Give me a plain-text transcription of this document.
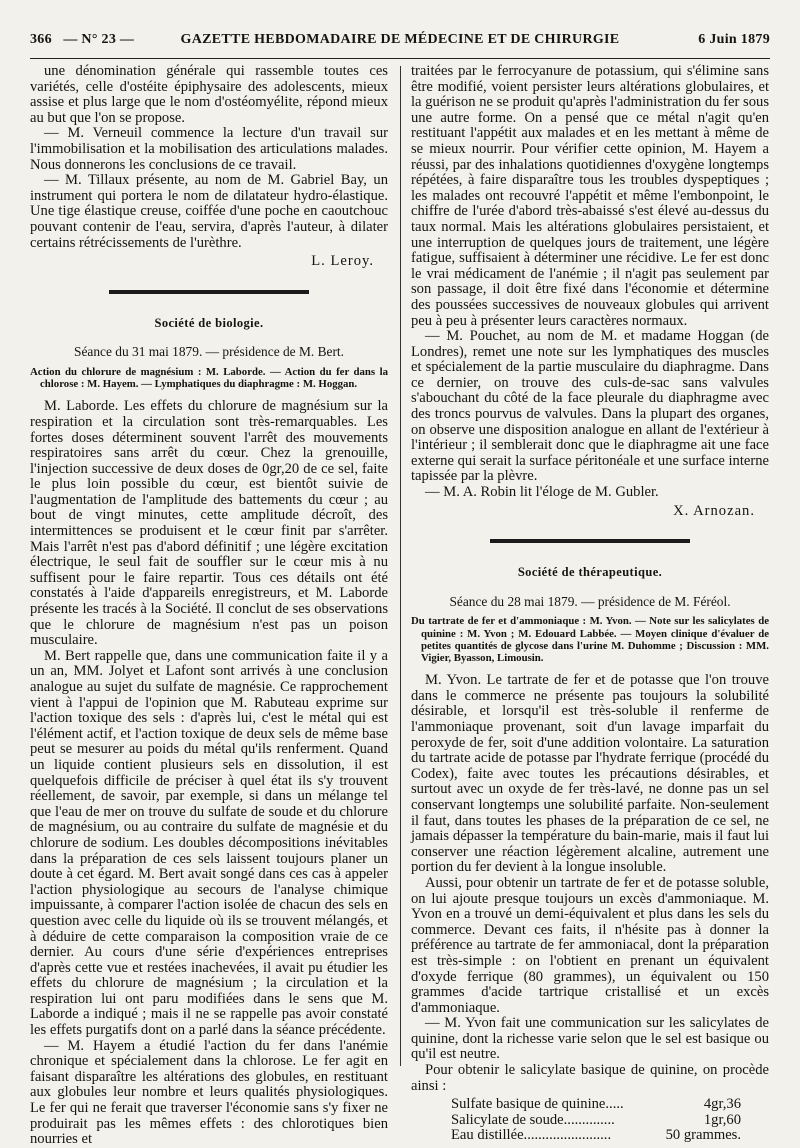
366 — N° 23 —	GAZETTE HEBDOMADAIRE DE MÉDECINE ET DE CHIRURGIE	6 Juin 1879

une dénomination générale qui rassemble toutes ces variétés, celle d'ostéite épiphysaire des adolescents, mieux assise et plus large que le nom d'ostéomyélite, répond mieux au but que l'on se propose.

— M. Verneuil commence la lecture d'un travail sur l'immobilisation et la mobilisation des articulations malades. Nous donnerons les conclusions de ce travail.

— M. Tillaux présente, au nom de M. Gabriel Bay, un instrument qui portera le nom de dilatateur hydro-élastique. Une tige élastique creuse, coiffée d'une poche en caoutchouc pouvant contenir de l'eau, servira, d'après l'auteur, à dilater certains rétrécissements de l'urèthre.

L. Leroy.

Société de biologie.
Séance du 31 mai 1879. — présidence de M. Bert.
Action du chlorure de magnésium : M. Laborde. — Action du fer dans la chlorose : M. Hayem. — Lymphatiques du diaphragme : M. Hoggan.

M. Laborde. Les effets du chlorure de magnésium sur la respiration et la circulation sont très-remarquables. Les fortes doses déterminent souvent l'arrêt des mouvements respiratoires sans arrêt du cœur. Chez la grenouille, l'injection successive de deux doses de 0gr,20 de ce sel, faite le plus loin possible du cœur, est bientôt suivie de l'augmentation de l'amplitude des battements du cœur ; au bout de vingt minutes, cette amplitude décroît, des intermittences se produisent et le cœur finit par s'arrêter. Mais l'arrêt n'est pas d'abord définitif ; une légère excitation électrique, le seul fait de souffler sur le cœur mis à nu suffisent pour le faire repartir. Tous ces détails ont été constatés à l'aide d'appareils enregistreurs, et M. Laborde présente les tracés à la Société. Il conclut de ses observations que le chlorure de magnésium n'est pas un poison musculaire.

M. Bert rappelle que, dans une communication faite il y a un an, MM. Jolyet et Lafont sont arrivés à une conclusion analogue au sujet du sulfate de magnésie. Ce rapprochement vient à l'appui de l'opinion que M. Rabuteau exprime sur l'action toxique des sels : d'après lui, c'est le métal qui est l'élément actif, et l'action toxique de deux sels de même base peut se mesurer au poids du métal qu'ils renferment. Quand un liquide contient plusieurs sels en dissolution, il est quelquefois difficile de préciser à quel état ils s'y trouvent réellement, de savoir, par exemple, si dans un mélange tel que l'eau de mer on trouve du sulfate de soude et du chlorure de magnésium, ou au contraire du sulfate de magnésie et du chlorure de sodium. Les doubles décompositions inévitables dans la préparation de ces sels laissent toujours planer un doute à cet égard. M. Bert avait songé dans ces cas à appeler l'action physiologique au secours de l'analyse chimique impuissante, à comparer l'action isolée de chacun des sels en question avec celle du liquide où ils se trouvent mélangés, et à déduire de cette comparaison la composition vraie de ce dernier. Au cours d'une série d'expériences entreprises d'après cette vue et restées inachevées, il avait pu étudier les effets du chlorure de magnésium ; la circulation et la respiration lui ont paru modifiées dans le sens que M. Laborde a indiqué ; mais il ne se rappelle pas avoir constaté les effets purgatifs dont on a parlé dans la séance précédente.

— M. Hayem a étudié l'action du fer dans l'anémie chronique et spécialement dans la chlorose. Le fer agit en faisant disparaître les altérations des globules, en restituant aux globules leur nombre et leurs qualités physiologiques. Le fer qui ne ferait que traverser l'économie sans s'y fixer ne produirait pas les mêmes effets : des chlorotiques bien nourries et

traitées par le ferrocyanure de potassium, qui s'élimine sans être modifié, voient persister leurs altérations globulaires, et la guérison ne se produit qu'après l'administration du fer sous une autre forme. On a pensé que ce métal n'agit qu'en restituant l'appétit aux malades et en les mettant à même de se mieux nourrir. Pour vérifier cette opinion, M. Hayem a réussi, par des inhalations quotidiennes d'oxygène longtemps répétées, à faire disparaître tous les troubles dyspeptiques ; les malades ont recouvré l'appétit et même l'embonpoint, le chiffre de l'urée d'abord très-abaissé s'est élevé au-dessus du taux normal. Mais les altérations globulaires persistaient, et une interruption de quelques jours de traitement, une légère fatigue, suffisaient à déterminer une récidive. Le fer est donc le vrai médicament de l'anémie ; il n'agit pas seulement par son passage, il doit être fixé dans l'économie et détermine des poussées successives de nouveaux globules qui arrivent peu à peu à présenter leurs caractères normaux.

— M. Pouchet, au nom de M. et madame Hoggan (de Londres), remet une note sur les lymphatiques des muscles et spécialement de la partie musculaire du diaphragme. Dans ce dernier, on trouve des culs-de-sac sans valvules s'abouchant du côté de la face pleurale du diaphragme avec des troncs pourvus de valvules. Dans la plupart des organes, on observe une disposition analogue en allant de l'extérieur à l'intérieur ; il semblerait donc que le diaphragme ait une face externe qui serait la surface péritonéale et une surface interne tapissée par la plèvre.

— M. A. Robin lit l'éloge de M. Gubler.

X. Arnozan.

Société de thérapeutique.
Séance du 28 mai 1879. — présidence de M. Féréol.
Du tartrate de fer et d'ammoniaque : M. Yvon. — Note sur les salicylates de quinine : M. Yvon ; M. Edouard Labbée. — Moyen clinique d'évaluer de petites quantités de glycose dans l'urine M. Duhomme ; Discussion : MM. Vigier, Byasson, Limousin.

M. Yvon. Le tartrate de fer et de potasse que l'on trouve dans le commerce ne présente pas toujours la solubilité désirable, et lorsqu'il est très-soluble il renferme de l'ammoniaque provenant, soit d'un lavage imparfait du peroxyde de fer, soit d'une addition volontaire. La saturation du tartrate acide de potasse par l'hydrate ferrique (procédé du Codex), faite avec toutes les précautions désirables, et surtout avec un oxyde de fer très-lavé, ne donne pas un sel conservant longtemps une solubilité parfaite. Non-seulement il faut, dans toutes les phases de la préparation de ce sel, ne jamais dépasser la température du bain-marie, mais il faut lui conserver une réaction légèrement alcaline, autrement une portion du fer devient à la longue insoluble.

Aussi, pour obtenir un tartrate de fer et de potasse soluble, on lui ajoute presque toujours un excès d'ammoniaque. M. Yvon en a trouvé un demi-équivalent et plus dans les sels du commerce. Devant ces faits, il n'hésite pas à donner la préférence au tartrate de fer ammoniacal, dont la préparation est très-simple : on l'obtient en prenant un équivalent d'oxyde ferrique (80 grammes), un équivalent ou 150 grammes d'acide tartrique cristallisé et un excès d'ammoniaque.

— M. Yvon fait une communication sur les salicylates de quinine, dont la richesse varie selon que le sel est basique ou qu'il est neutre.

Pour obtenir le salicylate basique de quinine, on procède ainsi :

Sulfate basique de quinine.....	4gr,36
Salicylate de soude..............	1gr,60
Eau distillée........................	50 grammes.
